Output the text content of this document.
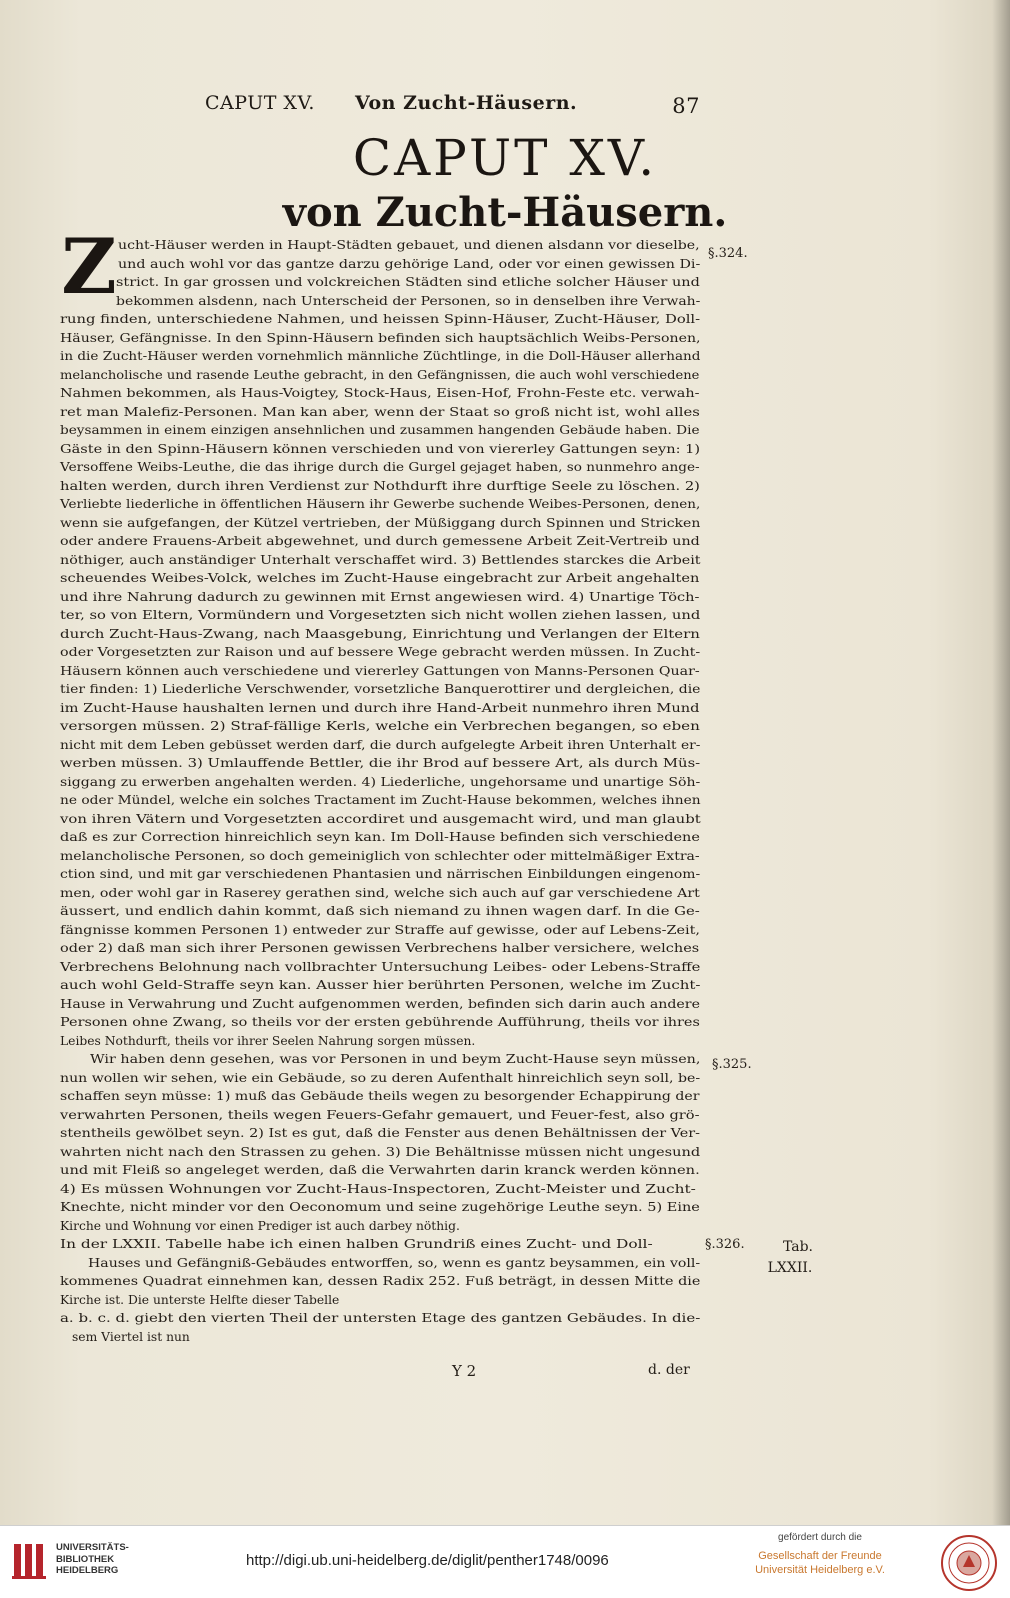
CAPUT XV. Von Zucht-Häusern.	87
CAPUT XV.
von Zucht-Häusern.
Z ucht-Häuser werden in Haupt-Städten gebauet, und dienen alsdann vor dieselbe,
und auch wohl vor das gantze darzu gehörige Land, oder vor einen gewissen Di-
strict. In gar grossen und volckreichen Städten sind etliche solcher Häuser und
bekommen alsdenn, nach Unterscheid der Personen, so in denselben ihre Verwah-
rung finden, unterschiedene Nahmen, und heissen Spinn-Häuser, Zucht-Häuser, Doll-
Häuser, Gefängnisse. In den Spinn-Häusern befinden sich hauptsächlich Weibs-Personen,
in die Zucht-Häuser werden vornehmlich männliche Züchtlinge, in die Doll-Häuser allerhand
melancholische und rasende Leuthe gebracht, in den Gefängnissen, die auch wohl verschiedene
Nahmen bekommen, als Haus-Voigtey, Stock-Haus, Eisen-Hof, Frohn-Feste etc. verwah-
ret man Malefiz-Personen. Man kan aber, wenn der Staat so groß nicht ist, wohl alles
beysammen in einem einzigen ansehnlichen und zusammen hangenden Gebäude haben. Die
Gäste in den Spinn-Häusern können verschieden und von viererley Gattungen seyn: 1)
Versoffene Weibs-Leuthe, die das ihrige durch die Gurgel gejaget haben, so nunmehro ange-
halten werden, durch ihren Verdienst zur Nothdurft ihre durftige Seele zu löschen. 2)
Verliebte liederliche in öffentlichen Häusern ihr Gewerbe suchende Weibes-Personen, denen,
wenn sie aufgefangen, der Kützel vertrieben, der Müßiggang durch Spinnen und Stricken
oder andere Frauens-Arbeit abgewehnet, und durch gemessene Arbeit Zeit-Vertreib und
nöthiger, auch anständiger Unterhalt verschaffet wird. 3) Bettlendes starckes die Arbeit
scheuendes Weibes-Volck, welches im Zucht-Hause eingebracht zur Arbeit angehalten
und ihre Nahrung dadurch zu gewinnen mit Ernst angewiesen wird. 4) Unartige Töch-
ter, so von Eltern, Vormündern und Vorgesetzten sich nicht wollen ziehen lassen, und
durch Zucht-Haus-Zwang, nach Maasgebung, Einrichtung und Verlangen der Eltern
oder Vorgesetzten zur Raison und auf bessere Wege gebracht werden müssen. In Zucht-
Häusern können auch verschiedene und viererley Gattungen von Manns-Personen Quar-
tier finden: 1) Liederliche Verschwender, vorsetzliche Banquerottirer und dergleichen, die
im Zucht-Hause haushalten lernen und durch ihre Hand-Arbeit nunmehro ihren Mund
versorgen müssen. 2) Straf-fällige Kerls, welche ein Verbrechen begangen, so eben
nicht mit dem Leben gebüsset werden darf, die durch aufgelegte Arbeit ihren Unterhalt er-
werben müssen. 3) Umlauffende Bettler, die ihr Brod auf bessere Art, als durch Müs-
siggang zu erwerben angehalten werden. 4) Liederliche, ungehorsame und unartige Söh-
ne oder Mündel, welche ein solches Tractament im Zucht-Hause bekommen, welches ihnen
von ihren Vätern und Vorgesetzten accordiret und ausgemacht wird, und man glaubt
daß es zur Correction hinreichlich seyn kan. Im Doll-Hause befinden sich verschiedene
melancholische Personen, so doch gemeiniglich von schlechter oder mittelmäßiger Extra-
ction sind, und mit gar verschiedenen Phantasien und närrischen Einbildungen eingenom-
men, oder wohl gar in Raserey gerathen sind, welche sich auch auf gar verschiedene Art
äussert, und endlich dahin kommt, daß sich niemand zu ihnen wagen darf. In die Ge-
fängnisse kommen Personen 1) entweder zur Straffe auf gewisse, oder auf Lebens-Zeit,
oder 2) daß man sich ihrer Personen gewissen Verbrechens halber versichere, welches
Verbrechens Belohnung nach vollbrachter Untersuchung Leibes- oder Lebens-Straffe
auch wohl Geld-Straffe seyn kan. Ausser hier berührten Personen, welche im Zucht-
Hause in Verwahrung und Zucht aufgenommen werden, befinden sich darin auch andere
Personen ohne Zwang, so theils vor der ersten gebührende Aufführung, theils vor ihres
Leibes Nothdurft, theils vor ihrer Seelen Nahrung sorgen müssen.
Wir haben denn gesehen, was vor Personen in und beym Zucht-Hause seyn müssen,
nun wollen wir sehen, wie ein Gebäude, so zu deren Aufenthalt hinreichlich seyn soll, be-
schaffen seyn müsse: 1) muß das Gebäude theils wegen zu besorgender Echappirung der
verwahrten Personen, theils wegen Feuers-Gefahr gemauert, und Feuer-fest, also grö-
stentheils gewölbet seyn. 2) Ist es gut, daß die Fenster aus denen Behältnissen der Ver-
wahrten nicht nach den Strassen zu gehen. 3) Die Behältnisse müssen nicht ungesund
und mit Fleiß so angeleget werden, daß die Verwahrten darin kranck werden können.
4) Es müssen Wohnungen vor Zucht-Haus-Inspectoren, Zucht-Meister und Zucht-
Knechte, nicht minder vor den Oeconomum und seine zugehörige Leuthe seyn. 5) Eine
Kirche und Wohnung vor einen Prediger ist auch darbey nöthig.
In der LXXII. Tabelle habe ich einen halben Grundriß eines Zucht- und Doll-
Hauses und Gefängniß-Gebäudes entworffen, so, wenn es gantz beysammen, ein voll-
kommenes Quadrat einnehmen kan, dessen Radix 252. Fuß beträgt, in dessen Mitte die
Kirche ist. Die unterste Helfte dieser Tabelle
a. b. c. d. giebt den vierten Theil der untersten Etage des gantzen Gebäudes. In die-
sem Viertel ist nun
§.324.
§.325.
§.326.	Tab.
LXXII.
Y 2	d. der
UNIVERSITÄTS-
BIBLIOTHEK
HEIDELBERG
http://digi.ub.uni-heidelberg.de/diglit/penther1748/0096
gefördert durch die
Gesellschaft der Freunde
Universität Heidelberg e.V.
